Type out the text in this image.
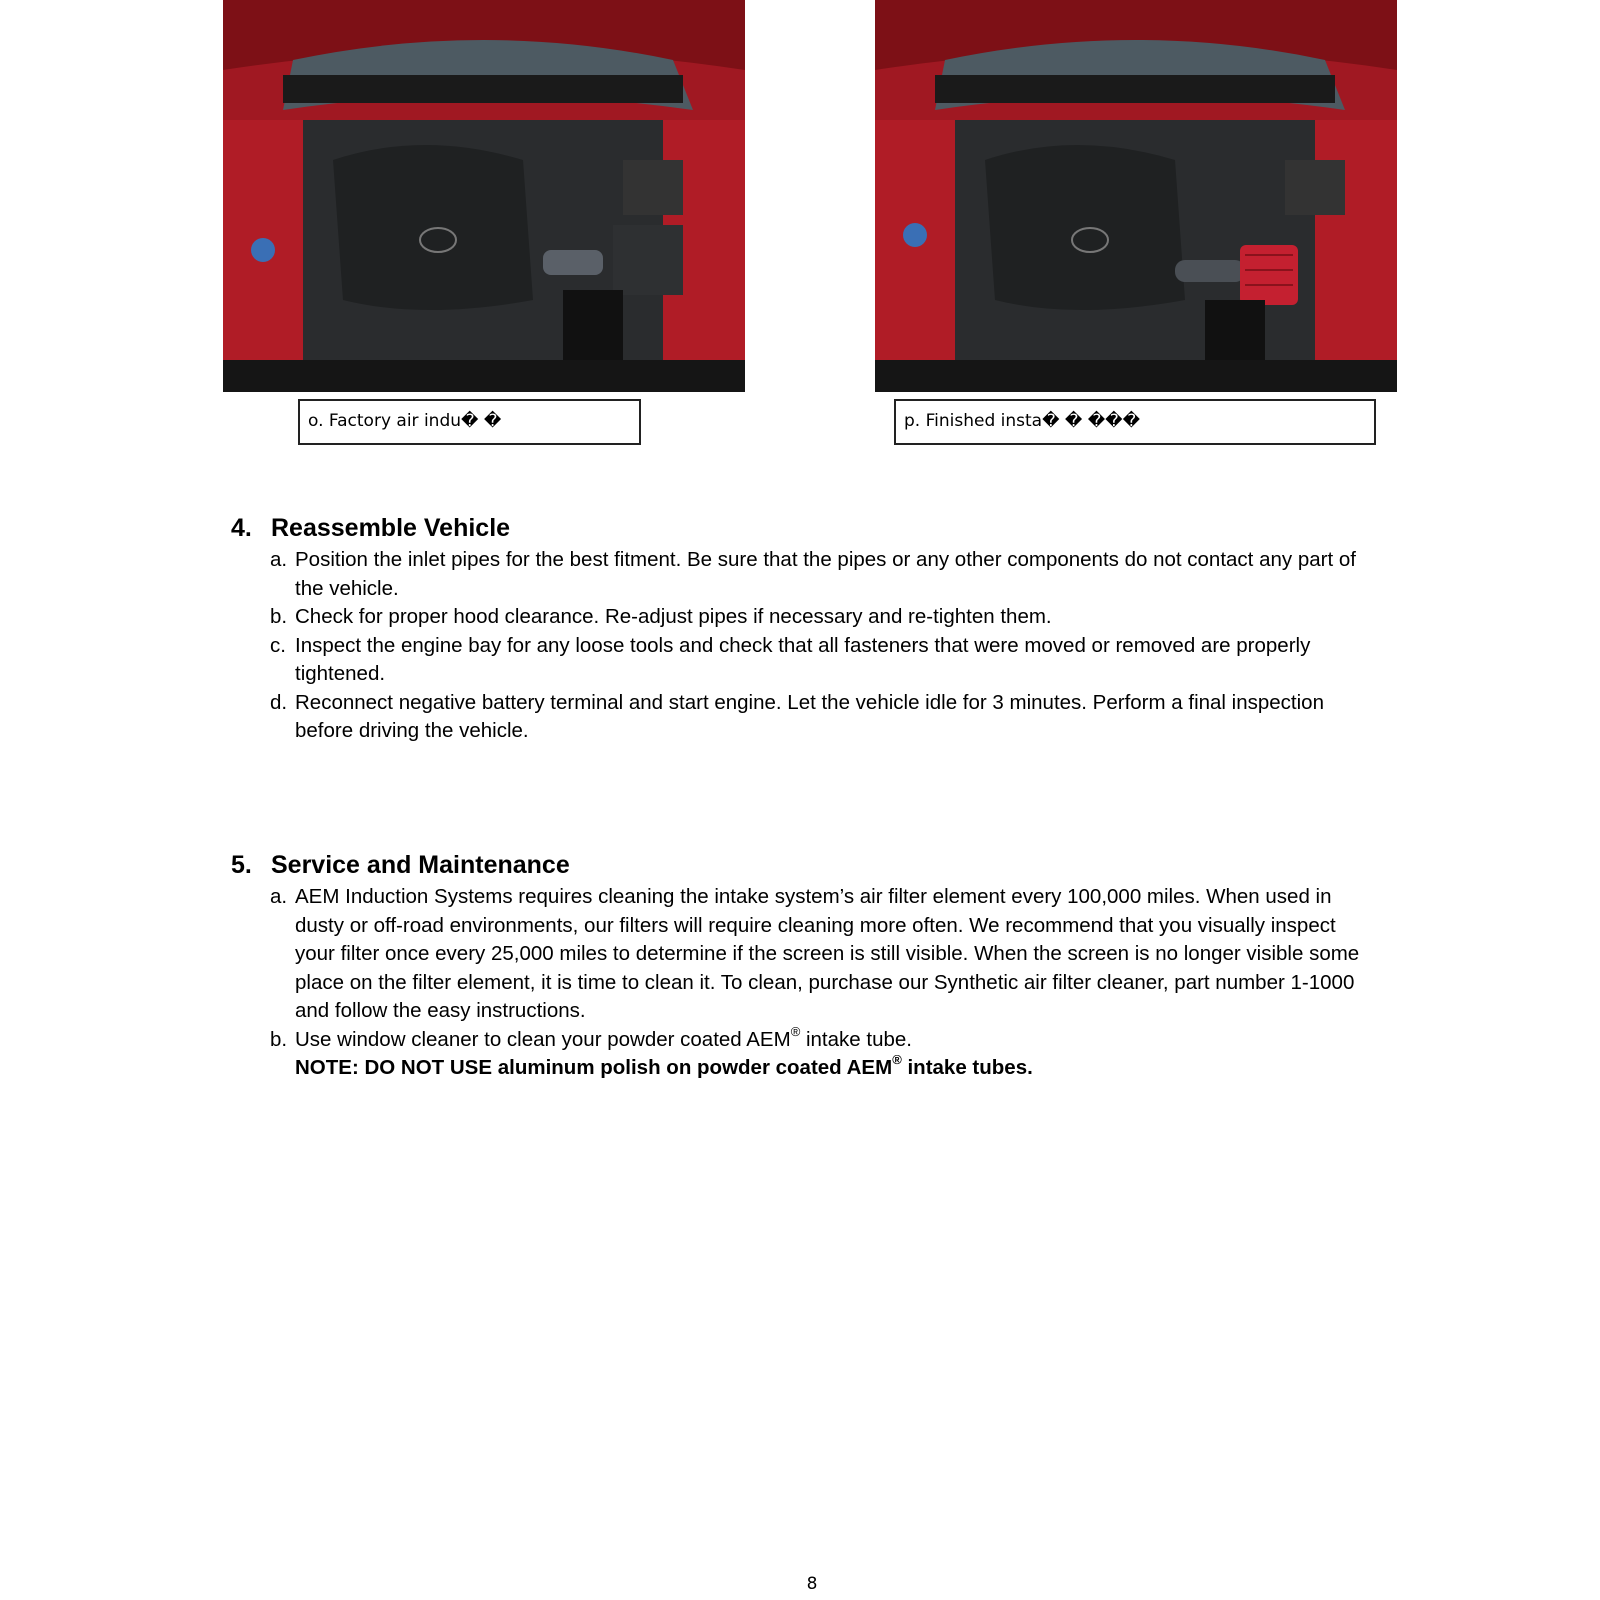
o. Factory air indu� �	p. Finished insta� � ���
4. Reassemble Vehicle
a. Position the inlet pipes for the best fitment. Be sure that the pipes or any other components do not contact any part of the vehicle.
b. Check for proper hood clearance. Re-adjust pipes if necessary and re-tighten them.
c. Inspect the engine bay for any loose tools and check that all fasteners that were moved or removed are properly tightened.
d. Reconnect negative battery terminal and start engine. Let the vehicle idle for 3 minutes. Perform a final inspection before driving the vehicle.
5. Service and Maintenance
a. AEM Induction Systems requires cleaning the intake system’s air filter element every 100,000 miles. When used in dusty or off-road environments, our filters will require cleaning more often. We recommend that you visually inspect your filter once every 25,000 miles to determine if the screen is still visible. When the screen is no longer visible some place on the filter element, it is time to clean it. To clean, purchase our Synthetic air filter cleaner, part number 1-1000 and follow the easy instructions.
b. Use window cleaner to clean your powder coated AEM® intake tube.
NOTE: DO NOT USE aluminum polish on powder coated AEM® intake tubes.
8
